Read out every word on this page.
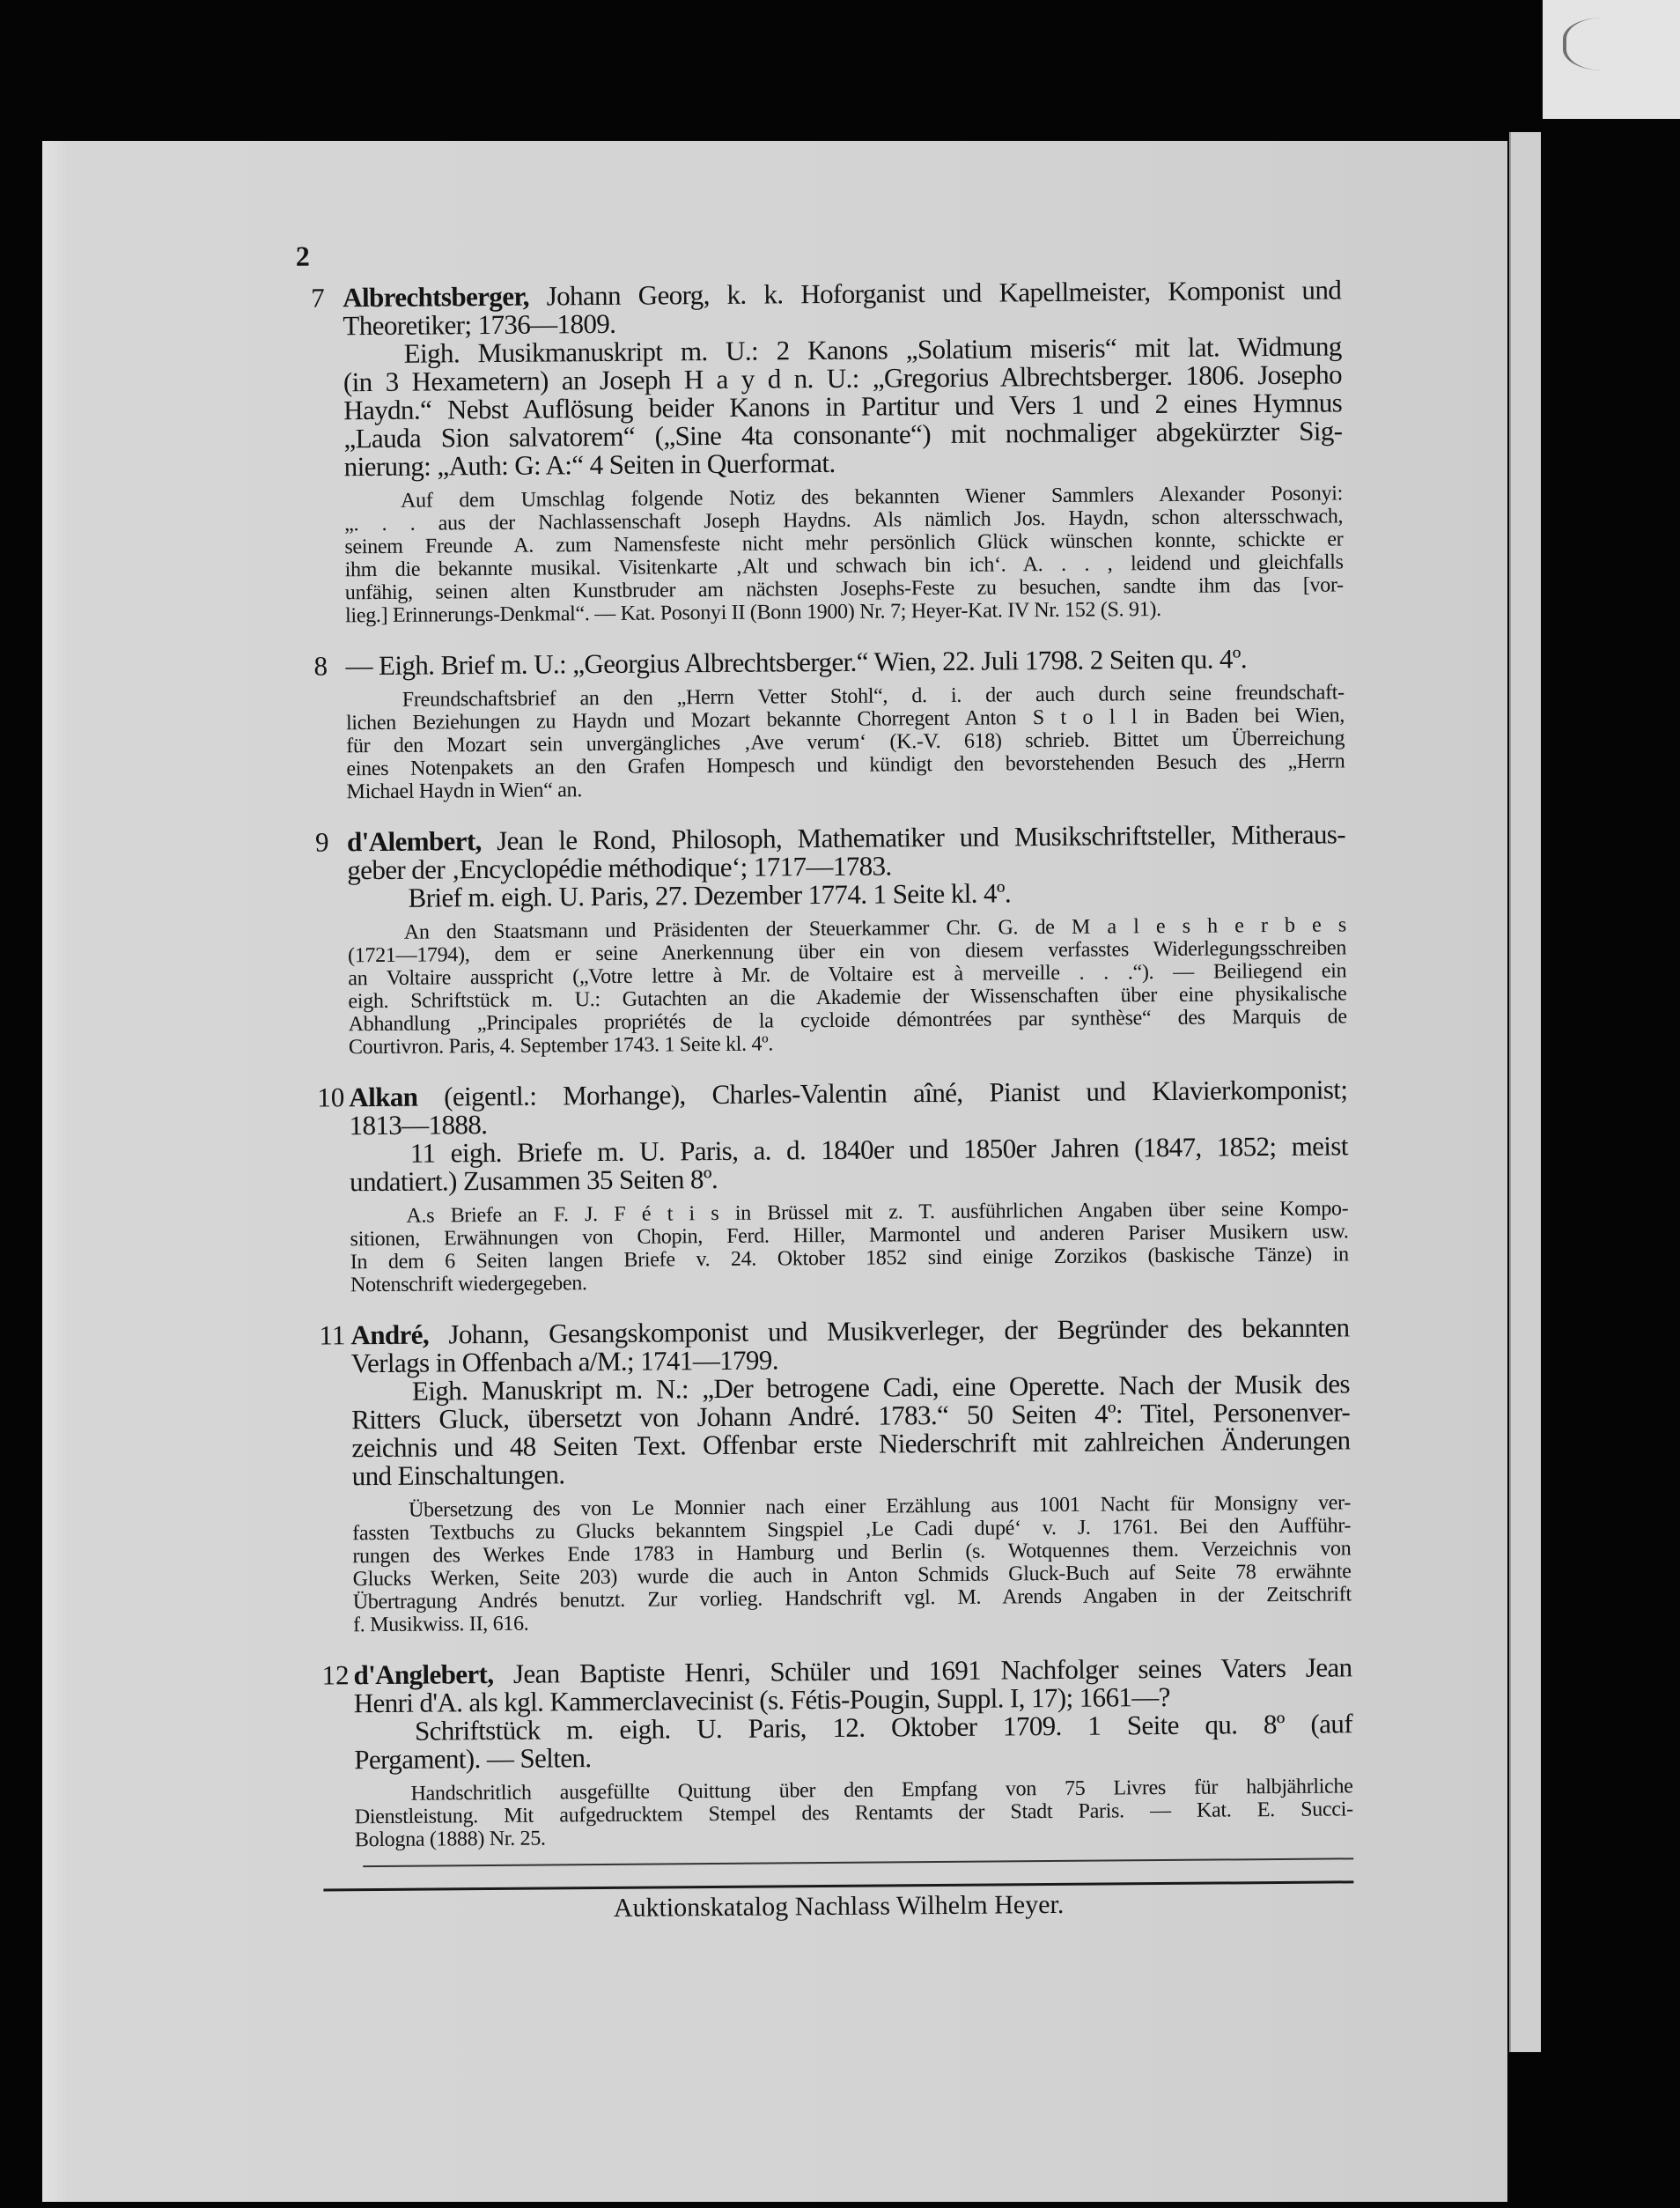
2
7 Albrechtsberger, Johann Georg, k. k. Hoforganist und Kapellmeister, Komponist und
Theoretiker; 1736—1809.
Eigh. Musikmanuskript m. U.: 2 Kanons „Solatium miseris“ mit lat. Widmung
(in 3 Hexametern) an Joseph H a y d n. U.: „Gregorius Albrechtsberger. 1806. Josepho
Haydn.“ Nebst Auflösung beider Kanons in Partitur und Vers 1 und 2 eines Hymnus
„Lauda Sion salvatorem“ („Sine 4ta consonante“) mit nochmaliger abgekürzter Sig-
nierung: „Auth: G: A:“ 4 Seiten in Querformat.
Auf dem Umschlag folgende Notiz des bekannten Wiener Sammlers Alexander Posonyi:
„. . . aus der Nachlassenschaft Joseph Haydns. Als nämlich Jos. Haydn, schon altersschwach,
seinem Freunde A. zum Namensfeste nicht mehr persönlich Glück wünschen konnte, schickte er
ihm die bekannte musikal. Visitenkarte ‚Alt und schwach bin ich‘. A. . . , leidend und gleichfalls
unfähig, seinen alten Kunstbruder am nächsten Josephs-Feste zu besuchen, sandte ihm das [vor-
lieg.] Erinnerungs-Denkmal“. — Kat. Posonyi II (Bonn 1900) Nr. 7; Heyer-Kat. IV Nr. 152 (S. 91).
8 — Eigh. Brief m. U.: „Georgius Albrechtsberger.“ Wien, 22. Juli 1798. 2 Seiten qu. 4º.
Freundschaftsbrief an den „Herrn Vetter Stohl“, d. i. der auch durch seine freundschaft-
lichen Beziehungen zu Haydn und Mozart bekannte Chorregent Anton S t o l l in Baden bei Wien,
für den Mozart sein unvergängliches ‚Ave verum‘ (K.-V. 618) schrieb. Bittet um Überreichung
eines Notenpakets an den Grafen Hompesch und kündigt den bevorstehenden Besuch des „Herrn
Michael Haydn in Wien“ an.
9 d'Alembert, Jean le Rond, Philosoph, Mathematiker und Musikschriftsteller, Mitheraus-
geber der ‚Encyclopédie méthodique‘; 1717—1783.
Brief m. eigh. U. Paris, 27. Dezember 1774. 1 Seite kl. 4º.
An den Staatsmann und Präsidenten der Steuerkammer Chr. G. de M a l e s h e r b e s
(1721—1794), dem er seine Anerkennung über ein von diesem verfasstes Widerlegungsschreiben
an Voltaire ausspricht („Votre lettre à Mr. de Voltaire est à merveille . . .“). — Beiliegend ein
eigh. Schriftstück m. U.: Gutachten an die Akademie der Wissenschaften über eine physikalische
Abhandlung „Principales propriétés de la cycloide démontrées par synthèse“ des Marquis de
Courtivron. Paris, 4. September 1743. 1 Seite kl. 4º.
10 Alkan (eigentl.: Morhange), Charles-Valentin aîné, Pianist und Klavierkomponist;
1813—1888.
11 eigh. Briefe m. U. Paris, a. d. 1840er und 1850er Jahren (1847, 1852; meist
undatiert.) Zusammen 35 Seiten 8º.
A.s Briefe an F. J. F é t i s in Brüssel mit z. T. ausführlichen Angaben über seine Kompo-
sitionen, Erwähnungen von Chopin, Ferd. Hiller, Marmontel und anderen Pariser Musikern usw.
In dem 6 Seiten langen Briefe v. 24. Oktober 1852 sind einige Zorzikos (baskische Tänze) in
Notenschrift wiedergegeben.
11 André, Johann, Gesangskomponist und Musikverleger, der Begründer des bekannten
Verlags in Offenbach a/M.; 1741—1799.
Eigh. Manuskript m. N.: „Der betrogene Cadi, eine Operette. Nach der Musik des
Ritters Gluck, übersetzt von Johann André. 1783.“ 50 Seiten 4º: Titel, Personenver-
zeichnis und 48 Seiten Text. Offenbar erste Niederschrift mit zahlreichen Änderungen
und Einschaltungen.
Übersetzung des von Le Monnier nach einer Erzählung aus 1001 Nacht für Monsigny ver-
fassten Textbuchs zu Glucks bekanntem Singspiel ‚Le Cadi dupé‘ v. J. 1761. Bei den Aufführ-
rungen des Werkes Ende 1783 in Hamburg und Berlin (s. Wotquennes them. Verzeichnis von
Glucks Werken, Seite 203) wurde die auch in Anton Schmids Gluck-Buch auf Seite 78 erwähnte
Übertragung Andrés benutzt. Zur vorlieg. Handschrift vgl. M. Arends Angaben in der Zeitschrift
f. Musikwiss. II, 616.
12 d'Anglebert, Jean Baptiste Henri, Schüler und 1691 Nachfolger seines Vaters Jean
Henri d'A. als kgl. Kammerclavecinist (s. Fétis-Pougin, Suppl. I, 17); 1661—?
Schriftstück m. eigh. U. Paris, 12. Oktober 1709. 1 Seite qu. 8º (auf
Pergament). — Selten.
Handschritlich ausgefüllte Quittung über den Empfang von 75 Livres für halbjährliche
Dienstleistung. Mit aufgedrucktem Stempel des Rentamts der Stadt Paris. — Kat. E. Succi-
Bologna (1888) Nr. 25.
Auktionskatalog Nachlass Wilhelm Heyer.
